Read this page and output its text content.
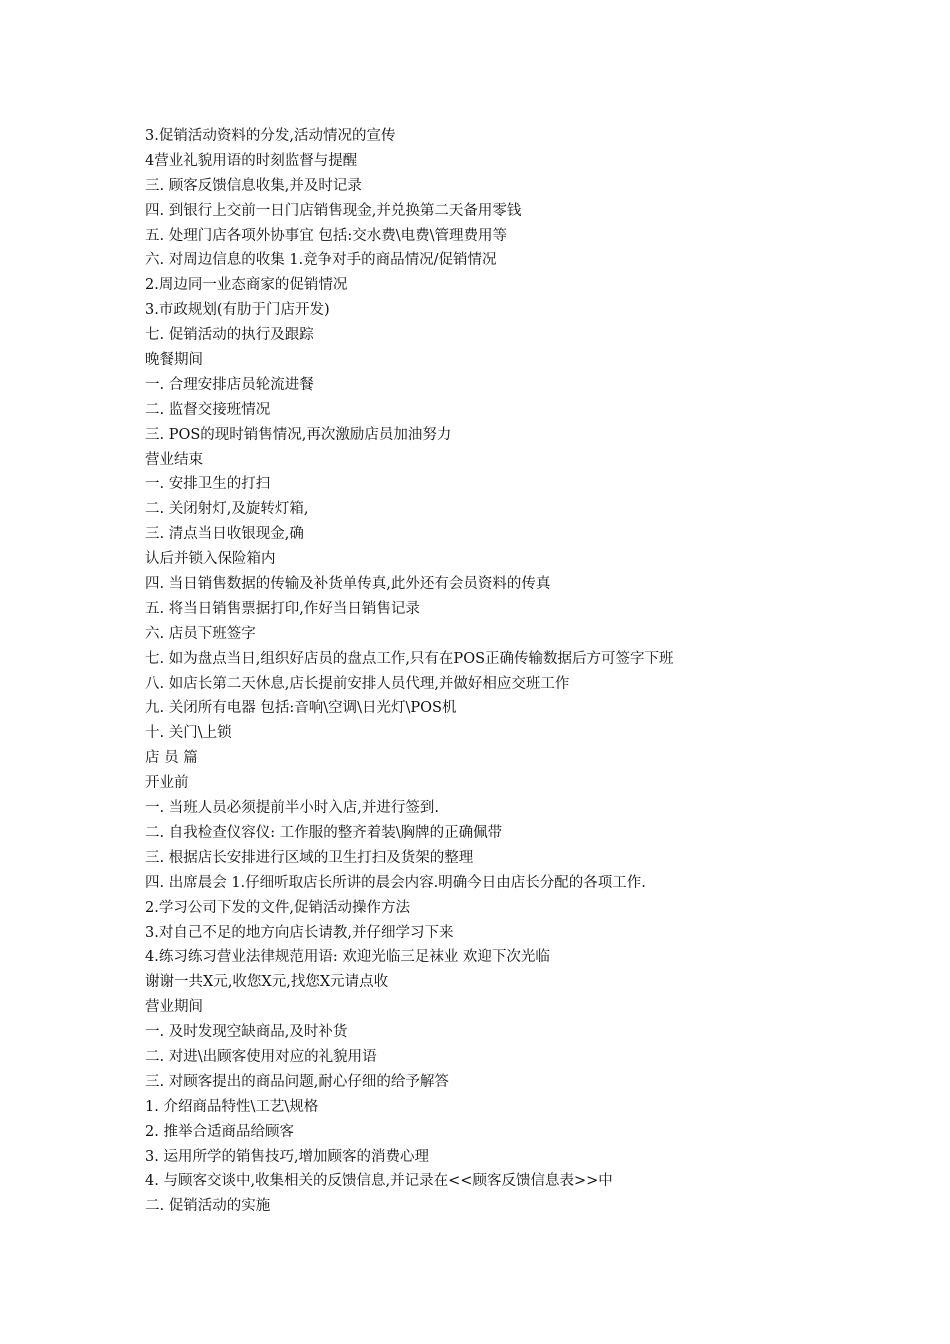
3.促销活动资料的分发,活动情况的宣传
4营业礼貌用语的时刻监督与提醒
三. 顾客反馈信息收集,并及时记录
四. 到银行上交前一日门店销售现金,并兑换第二天备用零钱
五. 处理门店各项外协事宜 包括:交水费\电费\管理费用等
六. 对周边信息的收集 1.竞争对手的商品情况/促销情况
2.周边同一业态商家的促销情况
3.市政规划(有肋于门店开发)
七. 促销活动的执行及跟踪
晚餐期间
一. 合理安排店员轮流进餐
二. 监督交接班情况
三. POS的现时销售情况,再次激励店员加油努力
营业结束
一. 安排卫生的打扫
二. 关闭射灯,及旋转灯箱,
三. 清点当日收银现金,确
认后并锁入保险箱内
四. 当日销售数据的传输及补货单传真,此外还有会员资料的传真
五. 将当日销售票据打印,作好当日销售记录
六. 店员下班签字
七. 如为盘点当日,组织好店员的盘点工作,只有在POS正确传输数据后方可签字下班
八. 如店长第二天休息,店长提前安排人员代理,并做好相应交班工作
九. 关闭所有电器 包括:音响\空调\日光灯\POS机
十. 关门\上锁
店 员 篇
开业前
一. 当班人员必须提前半小时入店,并进行签到.
二. 自我检查仪容仪: 工作服的整齐着装\胸牌的正确佩带
三. 根据店长安排进行区域的卫生打扫及货架的整理
四. 出席晨会 1.仔细听取店长所讲的晨会内容.明确今日由店长分配的各项工作.
2.学习公司下发的文件,促销活动操作方法
3.对自己不足的地方向店长请教,并仔细学习下来
4.练习练习营业法律规范用语: 欢迎光临三足袜业 欢迎下次光临
谢谢一共X元,收您X元,找您X元请点收
营业期间
一. 及时发现空缺商品,及时补货
二. 对进\出顾客使用对应的礼貌用语
三. 对顾客提出的商品问题,耐心仔细的给予解答
1. 介绍商品特性\工艺\规格
2. 推举合适商品给顾客
3. 运用所学的销售技巧,增加顾客的消费心理
4. 与顾客交谈中,收集相关的反馈信息,并记录在<<顾客反馈信息表>>中
二. 促销活动的实施
